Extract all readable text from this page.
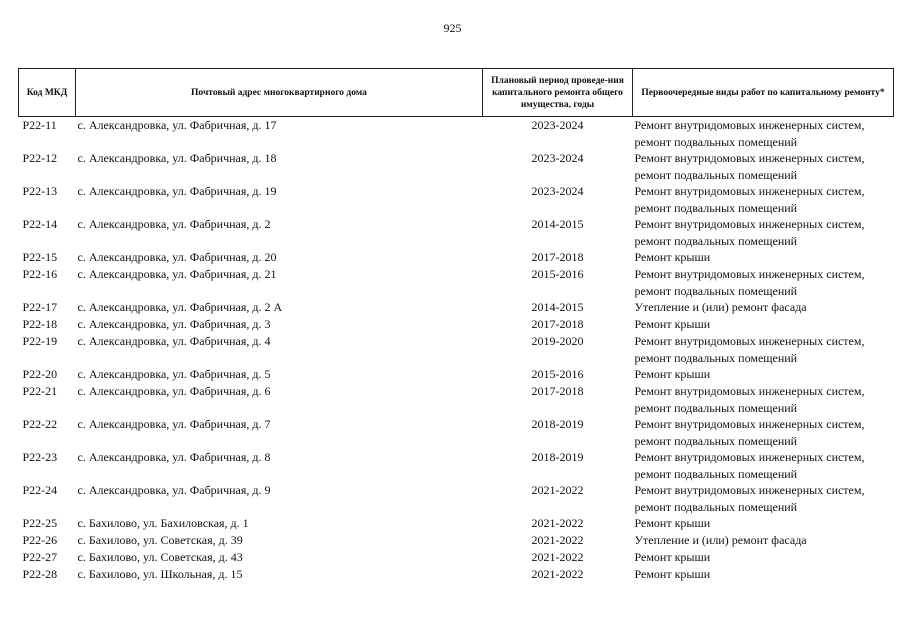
925
Код МКД	Почтовый адрес многоквартирного дома	Плановый период проведе-ния капитального ремонта общего имущества, годы	Первоочередные виды работ по капитальному ремонту*
Р22-11	с. Александровка, ул. Фабричная, д. 17	2023-2024	Ремонт внутридомовых инженерных систем,
ремонт подвальных помещений

Р22-12	с. Александровка, ул. Фабричная, д. 18	2023-2024	Ремонт внутридомовых инженерных систем,
ремонт подвальных помещений

Р22-13	с. Александровка, ул. Фабричная, д. 19	2023-2024	Ремонт внутридомовых инженерных систем,
ремонт подвальных помещений

Р22-14	с. Александровка, ул. Фабричная, д. 2	2014-2015	Ремонт внутридомовых инженерных систем,
ремонт подвальных помещений

Р22-15	с. Александровка, ул. Фабричная, д. 20	2017-2018	Ремонт крыши

Р22-16	с. Александровка, ул. Фабричная, д. 21	2015-2016	Ремонт внутридомовых инженерных систем,
ремонт подвальных помещений

Р22-17	с. Александровка, ул. Фабричная, д. 2 А	2014-2015	Утепление и (или) ремонт фасада

Р22-18	с. Александровка, ул. Фабричная, д. 3	2017-2018	Ремонт крыши

Р22-19	с. Александровка, ул. Фабричная, д. 4	2019-2020	Ремонт внутридомовых инженерных систем,
ремонт подвальных помещений

Р22-20	с. Александровка, ул. Фабричная, д. 5	2015-2016	Ремонт крыши

Р22-21	с. Александровка, ул. Фабричная, д. 6	2017-2018	Ремонт внутридомовых инженерных систем,
ремонт подвальных помещений

Р22-22	с. Александровка, ул. Фабричная, д. 7	2018-2019	Ремонт внутридомовых инженерных систем,
ремонт подвальных помещений

Р22-23	с. Александровка, ул. Фабричная, д. 8	2018-2019	Ремонт внутридомовых инженерных систем,
ремонт подвальных помещений

Р22-24	с. Александровка, ул. Фабричная, д. 9	2021-2022	Ремонт внутридомовых инженерных систем,
ремонт подвальных помещений

Р22-25	с. Бахилово, ул. Бахиловская, д. 1	2021-2022	Ремонт крыши

Р22-26	с. Бахилово, ул. Советская, д. 39	2021-2022	Утепление и (или) ремонт фасада

Р22-27	с. Бахилово, ул. Советская, д. 43	2021-2022	Ремонт крыши

Р22-28	с. Бахилово, ул. Школьная, д. 15	2021-2022	Ремонт крыши
